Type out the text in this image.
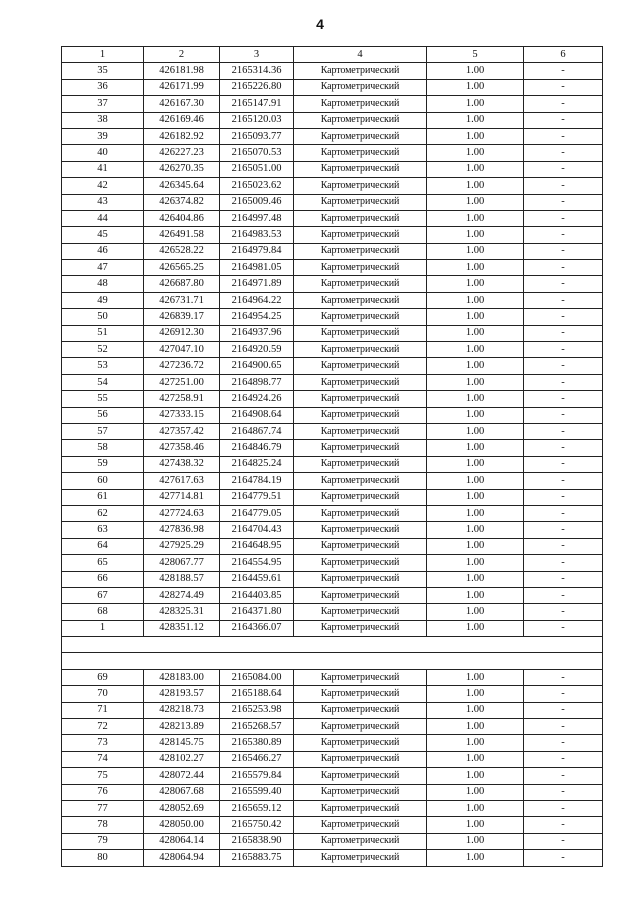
4
1	2	3	4	5	6
35	426181.98	2165314.36	Картометрический	1.00	-
36	426171.99	2165226.80	Картометрический	1.00	-
37	426167.30	2165147.91	Картометрический	1.00	-
38	426169.46	2165120.03	Картометрический	1.00	-
39	426182.92	2165093.77	Картометрический	1.00	-
40	426227.23	2165070.53	Картометрический	1.00	-
41	426270.35	2165051.00	Картометрический	1.00	-
42	426345.64	2165023.62	Картометрический	1.00	-
43	426374.82	2165009.46	Картометрический	1.00	-
44	426404.86	2164997.48	Картометрический	1.00	-
45	426491.58	2164983.53	Картометрический	1.00	-
46	426528.22	2164979.84	Картометрический	1.00	-
47	426565.25	2164981.05	Картометрический	1.00	-
48	426687.80	2164971.89	Картометрический	1.00	-
49	426731.71	2164964.22	Картометрический	1.00	-
50	426839.17	2164954.25	Картометрический	1.00	-
51	426912.30	2164937.96	Картометрический	1.00	-
52	427047.10	2164920.59	Картометрический	1.00	-
53	427236.72	2164900.65	Картометрический	1.00	-
54	427251.00	2164898.77	Картометрический	1.00	-
55	427258.91	2164924.26	Картометрический	1.00	-
56	427333.15	2164908.64	Картометрический	1.00	-
57	427357.42	2164867.74	Картометрический	1.00	-
58	427358.46	2164846.79	Картометрический	1.00	-
59	427438.32	2164825.24	Картометрический	1.00	-
60	427617.63	2164784.19	Картометрический	1.00	-
61	427714.81	2164779.51	Картометрический	1.00	-
62	427724.63	2164779.05	Картометрический	1.00	-
63	427836.98	2164704.43	Картометрический	1.00	-
64	427925.29	2164648.95	Картометрический	1.00	-
65	428067.77	2164554.95	Картометрический	1.00	-
66	428188.57	2164459.61	Картометрический	1.00	-
67	428274.49	2164403.85	Картометрический	1.00	-
68	428325.31	2164371.80	Картометрический	1.00	-
1	428351.12	2164366.07	Картометрический	1.00	-

69	428183.00	2165084.00	Картометрический	1.00	-
70	428193.57	2165188.64	Картометрический	1.00	-
71	428218.73	2165253.98	Картометрический	1.00	-
72	428213.89	2165268.57	Картометрический	1.00	-
73	428145.75	2165380.89	Картометрический	1.00	-
74	428102.27	2165466.27	Картометрический	1.00	-
75	428072.44	2165579.84	Картометрический	1.00	-
76	428067.68	2165599.40	Картометрический	1.00	-
77	428052.69	2165659.12	Картометрический	1.00	-
78	428050.00	2165750.42	Картометрический	1.00	-
79	428064.14	2165838.90	Картометрический	1.00	-
80	428064.94	2165883.75	Картометрический	1.00	-
